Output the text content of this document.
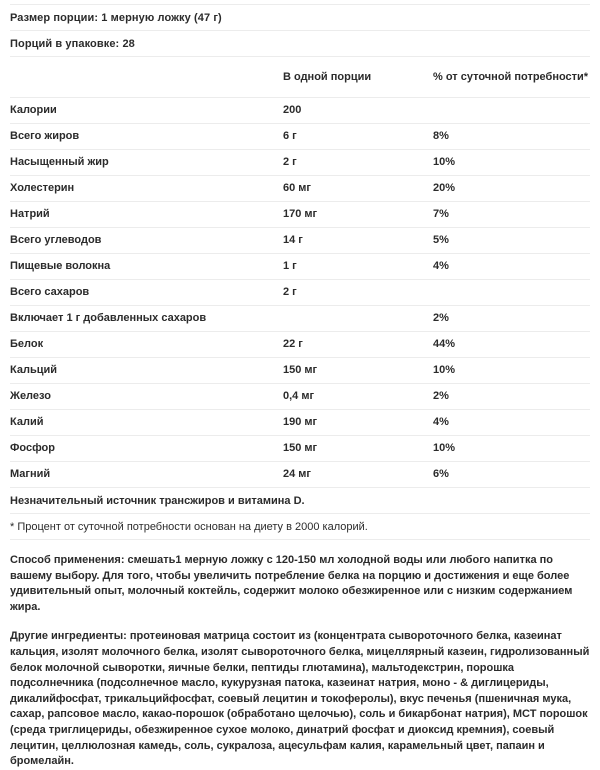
Размер порции: 1 мерную ложку (47 г)
Порций в упаковке: 28
	В одной порции	% от суточной потребности*
Калории	200	
Всего жиров	6 г	8%
Насыщенный жир	2 г	10%
Холестерин	60 мг	20%
Натрий	170 мг	7%
Всего углеводов	14 г	5%
Пищевые волокна	1 г	4%
Всего сахаров	2 г	
Включает 1 г добавленных сахаров		2%
Белок	22 г	44%
Кальций	150 мг	10%
Железо	0,4 мг	2%
Калий	190 мг	4%
Фосфор	150 мг	10%
Магний	24 мг	6%
Незначительный источник трансжиров и витамина D.
* Процент от суточной потребности основан на диету в 2000 калорий.

Способ применения: смешать1 мерную ложку с 120-150 мл холодной воды или любого напитка по вашему выбору. Для того, чтобы увеличить потребление белка на порцию и достижения и еще более удивительный опыт, молочный коктейль, содержит молоко обезжиренное или с низким содержанием жира.

Другие ингредиенты: протеиновая матрица состоит из (концентрата сывороточного белка, казеинат кальция, изолят молочного белка, изолят сывороточного белка, мицеллярный казеин, гидролизованный белок молочной сыворотки, яичные белки, пептиды глютамина), мальтодекстрин, порошка подсолнечника (подсолнечное масло, кукурузная патока, казеинат натрия, моно - & диглицериды, дикалийфосфат, трикальцийфосфат, соевый лецитин и токоферолы), вкус печенья (пшеничная мука, сахар, рапсовое масло, какао-порошок (обработано щелочью), соль и бикарбонат натрия), МСТ порошок (среда триглицериды, обезжиренное сухое молоко, динатрий фосфат и диоксид кремния), соевый лецитин, целлюлозная камедь, соль, сукралоза, ацесульфам калия, карамельный цвет, папаин и бромелайн.
